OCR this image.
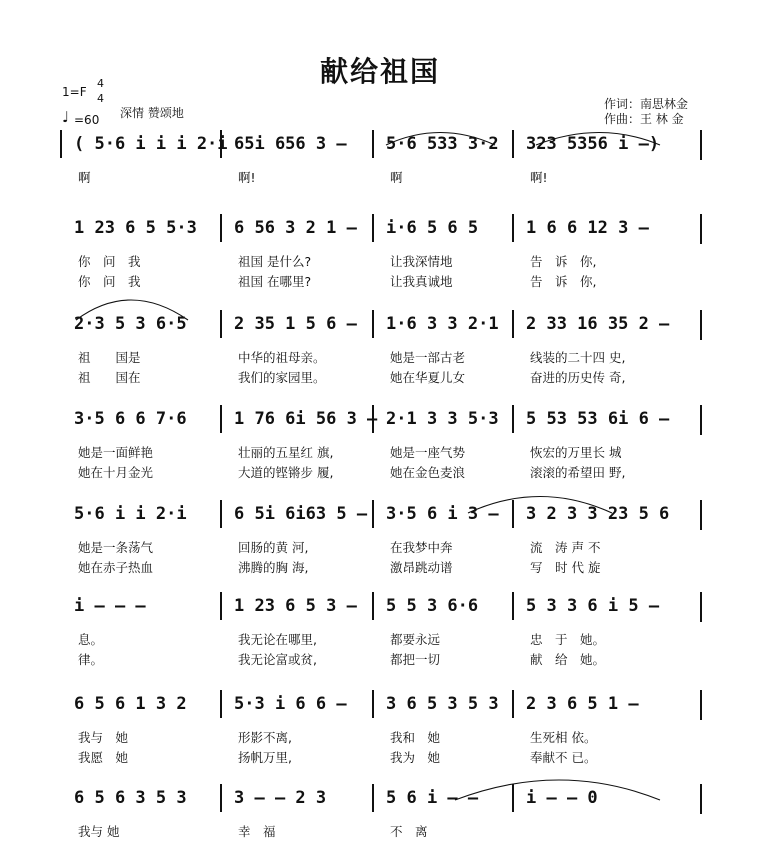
献给祖国
1=F
4
4
♩ =60 深情 赞颂地
作词：南思林金
作曲：王 林 金
( 5·6 i i i 2·i 65i 656 3 – 5·6 533 3·2 323 5356 i –)
啊	啊!	啊	啊!
1 23 6 5 5·3 6 56 3 2 1 – i·6 5 6 5	1 6 6 12 3 –
你　问　我	祖国 是什么?	让我深情地	告　诉　你,
你　问　我	祖国 在哪里?	让我真诚地	告　诉　你,
2·3 5 3 6·5	2 35 1 5 6 – 1·6 3 3 2·1 2 33 16 35 2 –
祖　　国是	中华的祖母亲。	她是一部古老	线装的二十四 史,
祖　　国在	我们的家园里。	她在华夏儿女	奋进的历史传 奇,
3·5 6 6 7·6	1 76 6i 56 3 – 2·1 3 3 5·3 5 53 53 6i 6 –
她是一面鲜艳	壮丽的五星红 旗,	她是一座气势	恢宏的万里长 城
她在十月金光	大道的铿锵步 履,	她在金色麦浪	滚滚的希望田 野,
5·6 i i 2·i	6 5i 6i63 5 – 3·5 6 i 3 – 3 2 3 3 23 5 6
她是一条荡气	回肠的黄 河,	在我梦中奔	流　涛 声 不
她在赤子热血	沸腾的胸 海,	激昂跳动谱	写　时 代 旋
i – – –	1 23 6 5 3 – 5 5 3 6·6	5 3 3 6 i 5 –
息。	我无论在哪里,	都要永远	忠　于　她。
律。	我无论富或贫,	都把一切	献　给　她。
6 5 6 1 3 2	5·3 i 6 6 – 3 6 5 3 5 3 2 3 6 5 1 –
我与　她	形影不离,	我和　她	生死相 依。
我愿　她	扬帆万里,	我为　她	奉献不 已。
6 5 6 3 5 3	3 – – 2 3	5 6 i – –	i – – 0
我与 她	幸　福	不　离
